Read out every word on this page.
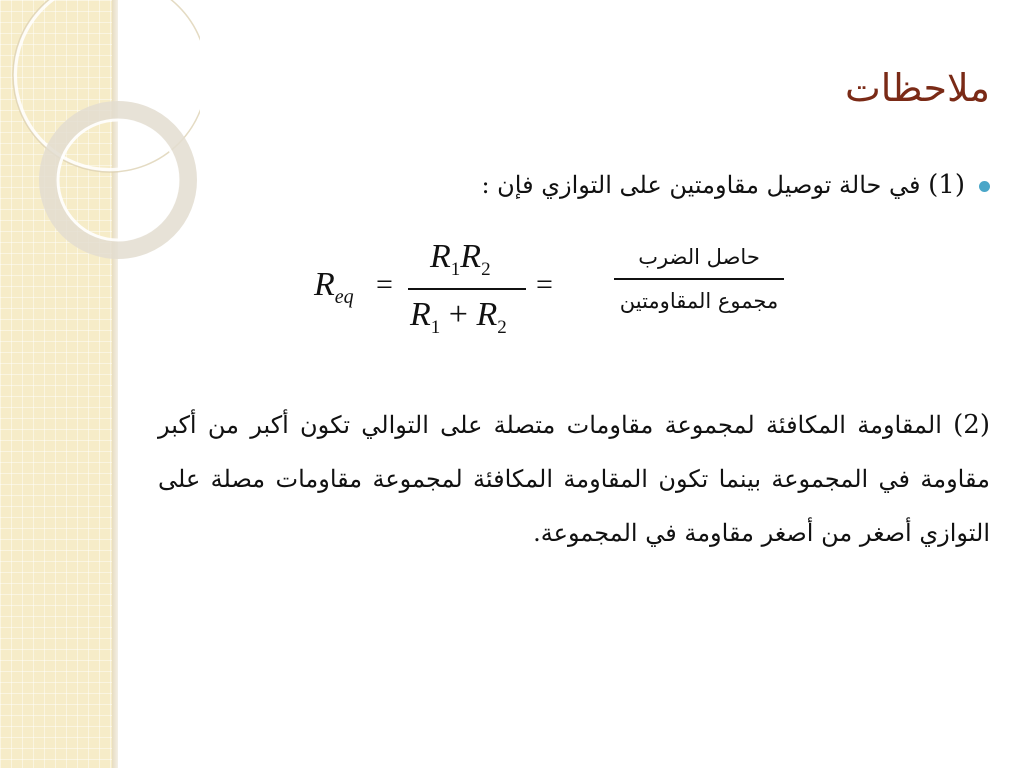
ملاحظات
(1) في حالة توصيل مقاومتين على التوازي فإن :
$R_{eq}$ =
$R_1R_2$
$R_1 + R_2$
=
حاصل الضرب
مجموع المقاومتين
(2) المقاومة المكافئة لمجموعة مقاومات متصلة على التوالي تكون أكبر من أكبر مقاومة في المجموعة بينما تكون المقاومة المكافئة لمجموعة مقاومات مصلة على التوازي أصغر من أصغر مقاومة في المجموعة.
